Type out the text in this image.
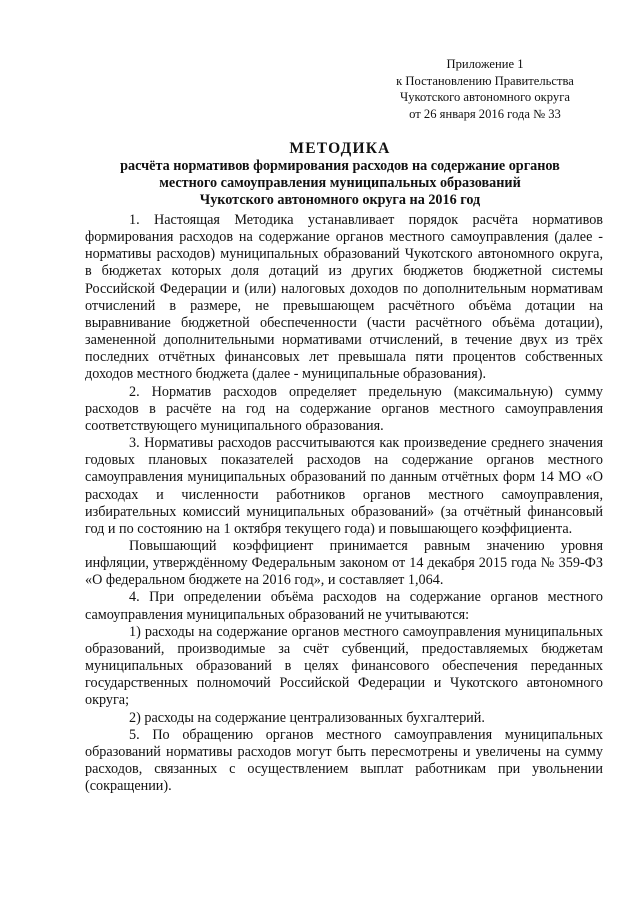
Приложение 1
к Постановлению Правительства
Чукотского автономного округа
от 26 января 2016 года № 33
МЕТОДИКА
расчёта нормативов формирования расходов на содержание органов
местного самоуправления муниципальных образований
Чукотского автономного округа на 2016 год

1. Настоящая Методика устанавливает порядок расчёта нормативов формирования расходов на содержание органов местного самоуправления (далее - нормативы расходов) муниципальных образований Чукотского автономного округа, в бюджетах которых доля дотаций из других бюджетов бюджетной системы Российской Федерации и (или) налоговых доходов по дополнительным нормативам отчислений в размере, не превышающем расчётного объёма дотации на выравнивание бюджетной обеспеченности (части расчётного объёма дотации), замененной дополнительными нормативами отчислений, в течение двух из трёх последних отчётных финансовых лет превышала пяти процентов собственных доходов местного бюджета (далее - муниципальные образования).

2. Норматив расходов определяет предельную (максимальную) сумму расходов в расчёте на год на содержание органов местного самоуправления соответствующего муниципального образования.

3. Нормативы расходов рассчитываются как произведение среднего значения годовых плановых показателей расходов на содержание органов местного самоуправления муниципальных образований по данным отчётных форм 14 МО «О расходах и численности работников органов местного самоуправления, избирательных комиссий муниципальных образований» (за отчётный финансовый год и по состоянию на 1 октября текущего года) и повышающего коэффициента.

Повышающий коэффициент принимается равным значению уровня инфляции, утверждённому Федеральным законом от 14 декабря 2015 года № 359-ФЗ «О федеральном бюджете на 2016 год», и составляет 1,064.

4. При определении объёма расходов на содержание органов местного самоуправления муниципальных образований не учитываются:

1) расходы на содержание органов местного самоуправления муниципальных образований, производимые за счёт субвенций, предоставляемых бюджетам муниципальных образований в целях финансового обеспечения переданных государственных полномочий Российской Федерации и Чукотского автономного округа;

2) расходы на содержание централизованных бухгалтерий.

5. По обращению органов местного самоуправления муниципальных образований нормативы расходов могут быть пересмотрены и увеличены на сумму расходов, связанных с осуществлением выплат работникам при увольнении (сокращении).
